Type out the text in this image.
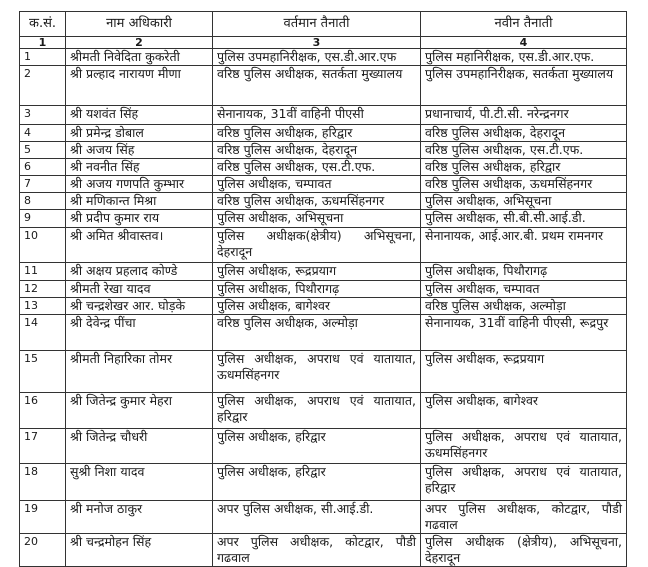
क.सं.	नाम अधिकारी	वर्तमान तैनाती	नवीन तैनाती
1	2	3	4
1	श्रीमती निवेदिता कुकरेती	पुलिस उपमहानिरीक्षक, एस.डी.आर.एफ	पुलिस महानिरीक्षक, एस.डी.आर.एफ.
2	श्री प्रल्हाद नारायण मीणा	वरिष्ठ पुलिस अधीक्षक, सतर्कता मुख्यालय	पुलिस उपमहानिरीक्षक, सतर्कता मुख्यालय
3	श्री यशवंत सिंह	सेनानायक, 31वीं वाहिनी पीएसी	प्रधानाचार्य, पी.टी.सी. नरेन्द्रनगर
4	श्री प्रमेन्द्र डोबाल	वरिष्ठ पुलिस अधीक्षक, हरिद्वार	वरिष्ठ पुलिस अधीक्षक, देहरादून
5	श्री अजय सिंह	वरिष्ठ पुलिस अधीक्षक, देहरादून	वरिष्ठ पुलिस अधीक्षक, एस.टी.एफ.
6	श्री नवनीत सिंह	वरिष्ठ पुलिस अधीक्षक, एस.टी.एफ.	वरिष्ठ पुलिस अधीक्षक, हरिद्वार
7	श्री अजय गणपति कुम्भार	पुलिस अधीक्षक, चम्पावत	वरिष्ठ पुलिस अधीक्षक, ऊधमसिंहनगर
8	श्री मणिकान्त मिश्रा	वरिष्ठ पुलिस अधीक्षक, ऊधमसिंहनगर	पुलिस अधीक्षक, अभिसूचना
9	श्री प्रदीप कुमार राय	पुलिस अधीक्षक, अभिसूचना	पुलिस अधीक्षक, सी.बी.सी.आई.डी.
10	श्री अमित श्रीवास्तव।	पुलिस अधीक्षक(क्षेत्रीय) अभिसूचना, देहरादून	सेनानायक, आई.आर.बी. प्रथम रामनगर
11	श्री अक्षय प्रहलाद कोण्डे	पुलिस अधीक्षक, रूद्रप्रयाग	पुलिस अधीक्षक, पिथौरागढ़
12	श्रीमती रेखा यादव	पुलिस अधीक्षक, पिथौरागढ़	पुलिस अधीक्षक, चम्पावत
13	श्री चन्द्रशेखर आर. घोड़के	पुलिस अधीक्षक, बागेश्वर	वरिष्ठ पुलिस अधीक्षक, अल्मोड़ा
14	श्री देवेन्द्र पींचा	वरिष्ठ पुलिस अधीक्षक, अल्मोड़ा	सेनानायक, 31वीं वाहिनी पीएसी, रूद्रपुर
15	श्रीमती निहारिका तोमर	पुलिस अधीक्षक, अपराध एवं यातायात, ऊधमसिंहनगर	पुलिस अधीक्षक, रूद्रप्रयाग
16	श्री जितेन्द्र कुमार मेहरा	पुलिस अधीक्षक, अपराध एवं यातायात, हरिद्वार	पुलिस अधीक्षक, बागेश्वर
17	श्री जितेन्द्र चौधरी	पुलिस अधीक्षक, हरिद्वार	पुलिस अधीक्षक, अपराध एवं यातायात, ऊधमसिंहनगर
18	सुश्री निशा यादव	पुलिस अधीक्षक, हरिद्वार	पुलिस अधीक्षक, अपराध एवं यातायात, हरिद्वार
19	श्री मनोज ठाकुर	अपर पुलिस अधीक्षक, सी.आई.डी.	अपर पुलिस अधीक्षक, कोटद्वार, पौडी गढवाल
20	श्री चन्द्रमोहन सिंह	अपर पुलिस अधीक्षक, कोटद्वार, पौडी गढवाल	पुलिस अधीक्षक (क्षेत्रीय), अभिसूचना, देहरादून
